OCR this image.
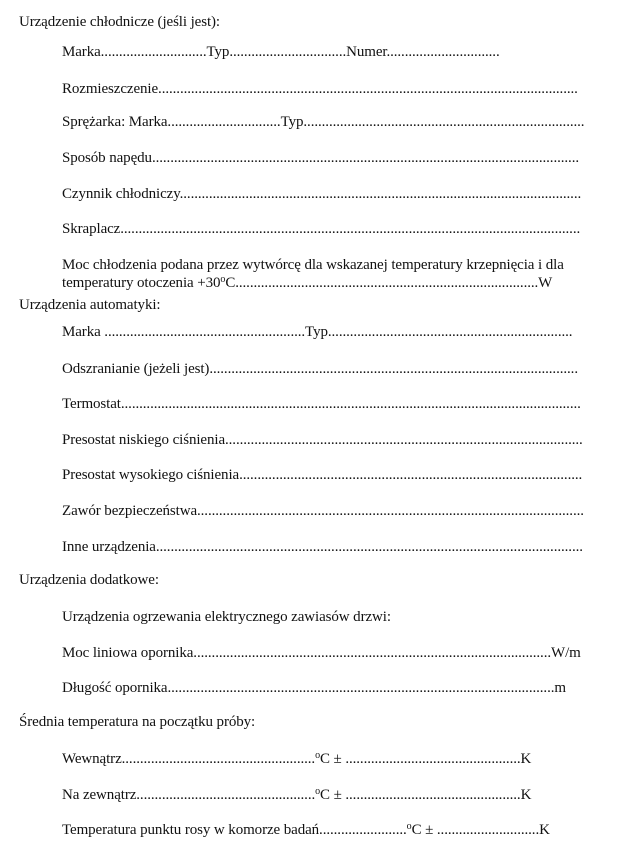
Urządzenie chłodnicze (jeśli jest):
Marka.............................Typ................................Numer...............................
Rozmieszczenie...................................................................................................................
Sprężarka: Marka...............................Typ.............................................................................
Sposób napędu.....................................................................................................................
Czynnik chłodniczy..............................................................................................................
Skraplacz..............................................................................................................................
Moc chłodzenia podana przez wytwórcę dla wskazanej temperatury krzepnięcia i dla
temperatury otoczenia $+30^oC...................................................................................W$
Urządzenia automatyki:
Marka .......................................................Typ...................................................................
Odszranianie (jeżeli jest).....................................................................................................
Termostat..............................................................................................................................
Presostat niskiego ciśnienia..................................................................................................
Presostat wysokiego ciśnienia..............................................................................................
Zawór bezpieczeństwa..........................................................................................................
Inne urządzenia.....................................................................................................................
Urządzenia dodatkowe:
Urządzenia ogrzewania elektrycznego zawiasów drzwi:
Moc liniowa opornika..................................................................................................W/m
Długość opornika..........................................................................................................m
Średnia temperatura na początku próby:
Wewnątrz.....................................................$^o$C ± ................................................K
Na zewnątrz.................................................$^o$C ± ................................................K
Temperatura punktu rosy w komorze badań........................$^o$C ± ............................K
